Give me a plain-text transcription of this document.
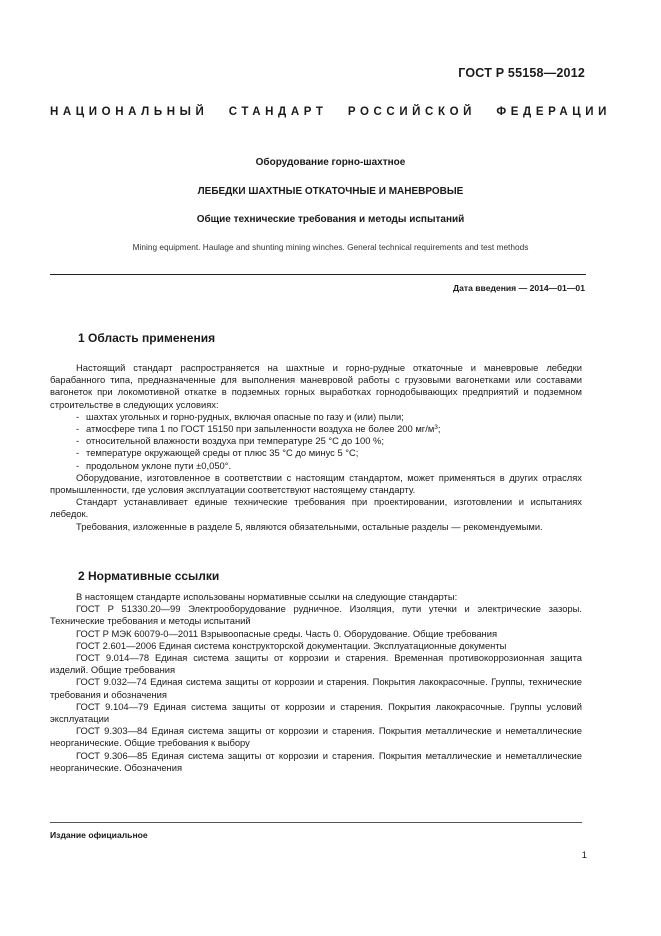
ГОСТ Р 55158—2012
НАЦИОНАЛЬНЫЙ СТАНДАРТ РОССИЙСКОЙ ФЕДЕРАЦИИ
Оборудование горно-шахтное
ЛЕБЕДКИ ШАХТНЫЕ ОТКАТОЧНЫЕ И МАНЕВРОВЫЕ
Общие технические требования и методы испытаний
Mining equipment. Haulage and shunting mining winches. General technical requirements and test methods
Дата введения — 2014—01—01
1 Область применения

Настоящий стандарт распространяется на шахтные и горно-рудные откаточные и маневровые лебедки барабанного типа, предназначенные для выполнения маневровой работы с грузовыми вагонетками или составами вагонеток при локомотивной откатке в подземных горных выработках горнодобывающих предприятий и подземном строительстве в следующих условиях:

- шахтах угольных и горно-рудных, включая опасные по газу и (или) пыли;
- атмосфере типа 1 по ГОСТ 15150 при запыленности воздуха не более 200 $мг/м^3$;
- относительной влажности воздуха при температуре 25 °С до 100 %;
- температуре окружающей среды от плюс 35 °С до минус 5 °С;
- продольном уклоне пути ±0,050°.

Оборудование, изготовленное в соответствии с настоящим стандартом, может применяться в других отраслях промышленности, где условия эксплуатации соответствуют настоящему стандарту.

Стандарт устанавливает единые технические требования при проектировании, изготовлении и испытаниях лебедок.

Требования, изложенные в разделе 5, являются обязательными, остальные разделы — рекомендуемыми.

2 Нормативные ссылки

В настоящем стандарте использованы нормативные ссылки на следующие стандарты:

ГОСТ Р 51330.20—99 Электрооборудование рудничное. Изоляция, пути утечки и электрические зазоры. Технические требования и методы испытаний

ГОСТ Р МЭК 60079-0—2011 Взрывоопасные среды. Часть 0. Оборудование. Общие требования

ГОСТ 2.601—2006 Единая система конструкторской документации. Эксплуатационные документы

ГОСТ 9.014—78 Единая система защиты от коррозии и старения. Временная противокоррозионная защита изделий. Общие требования

ГОСТ 9.032—74 Единая система защиты от коррозии и старения. Покрытия лакокрасочные. Группы, технические требования и обозначения

ГОСТ 9.104—79 Единая система защиты от коррозии и старения. Покрытия лакокрасочные. Группы условий эксплуатации

ГОСТ 9.303—84 Единая система защиты от коррозии и старения. Покрытия металлические и неметаллические неорганические. Общие требования к выбору

ГОСТ 9.306—85 Единая система защиты от коррозии и старения. Покрытия металлические и неметаллические неорганические. Обозначения

Издание официальное
1
